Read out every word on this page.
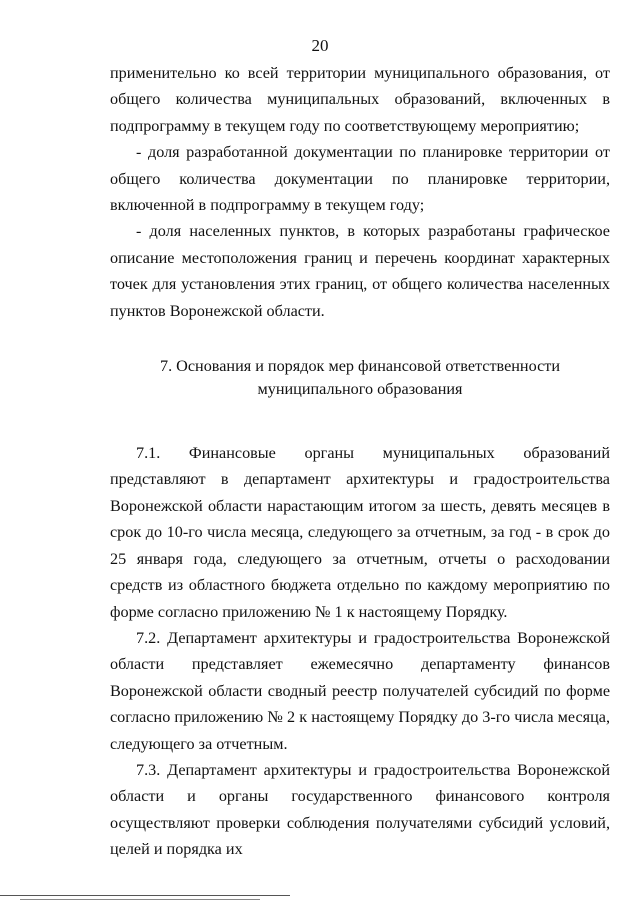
20

применительно ко всей территории муниципального образования, от общего количества муниципальных образований, включенных в подпрограмму в текущем году по соответствующему мероприятию;

- доля разработанной документации по планировке территории от общего количества документации по планировке территории, включенной в подпрограмму в текущем году;

- доля населенных пунктов, в которых разработаны графическое описание местоположения границ и перечень координат характерных точек для установления этих границ, от общего количества населенных пунктов Воронежской области.

7. Основания и порядок мер финансовой ответственности
муниципального образования

7.1. Финансовые органы муниципальных образований представляют в департамент архитектуры и градостроительства Воронежской области нарастающим итогом за шесть, девять месяцев в срок до 10-го числа месяца, следующего за отчетным, за год - в срок до 25 января года, следующего за отчетным, отчеты о расходовании средств из областного бюджета отдельно по каждому мероприятию по форме согласно приложению № 1 к настоящему Порядку.

7.2. Департамент архитектуры и градостроительства Воронежской области представляет ежемесячно департаменту финансов Воронежской области сводный реестр получателей субсидий по форме согласно приложению № 2 к настоящему Порядку до 3-го числа месяца, следующего за отчетным.

7.3. Департамент архитектуры и градостроительства Воронежской области и органы государственного финансового контроля осуществляют проверки соблюдения получателями субсидий условий, целей и порядка их
